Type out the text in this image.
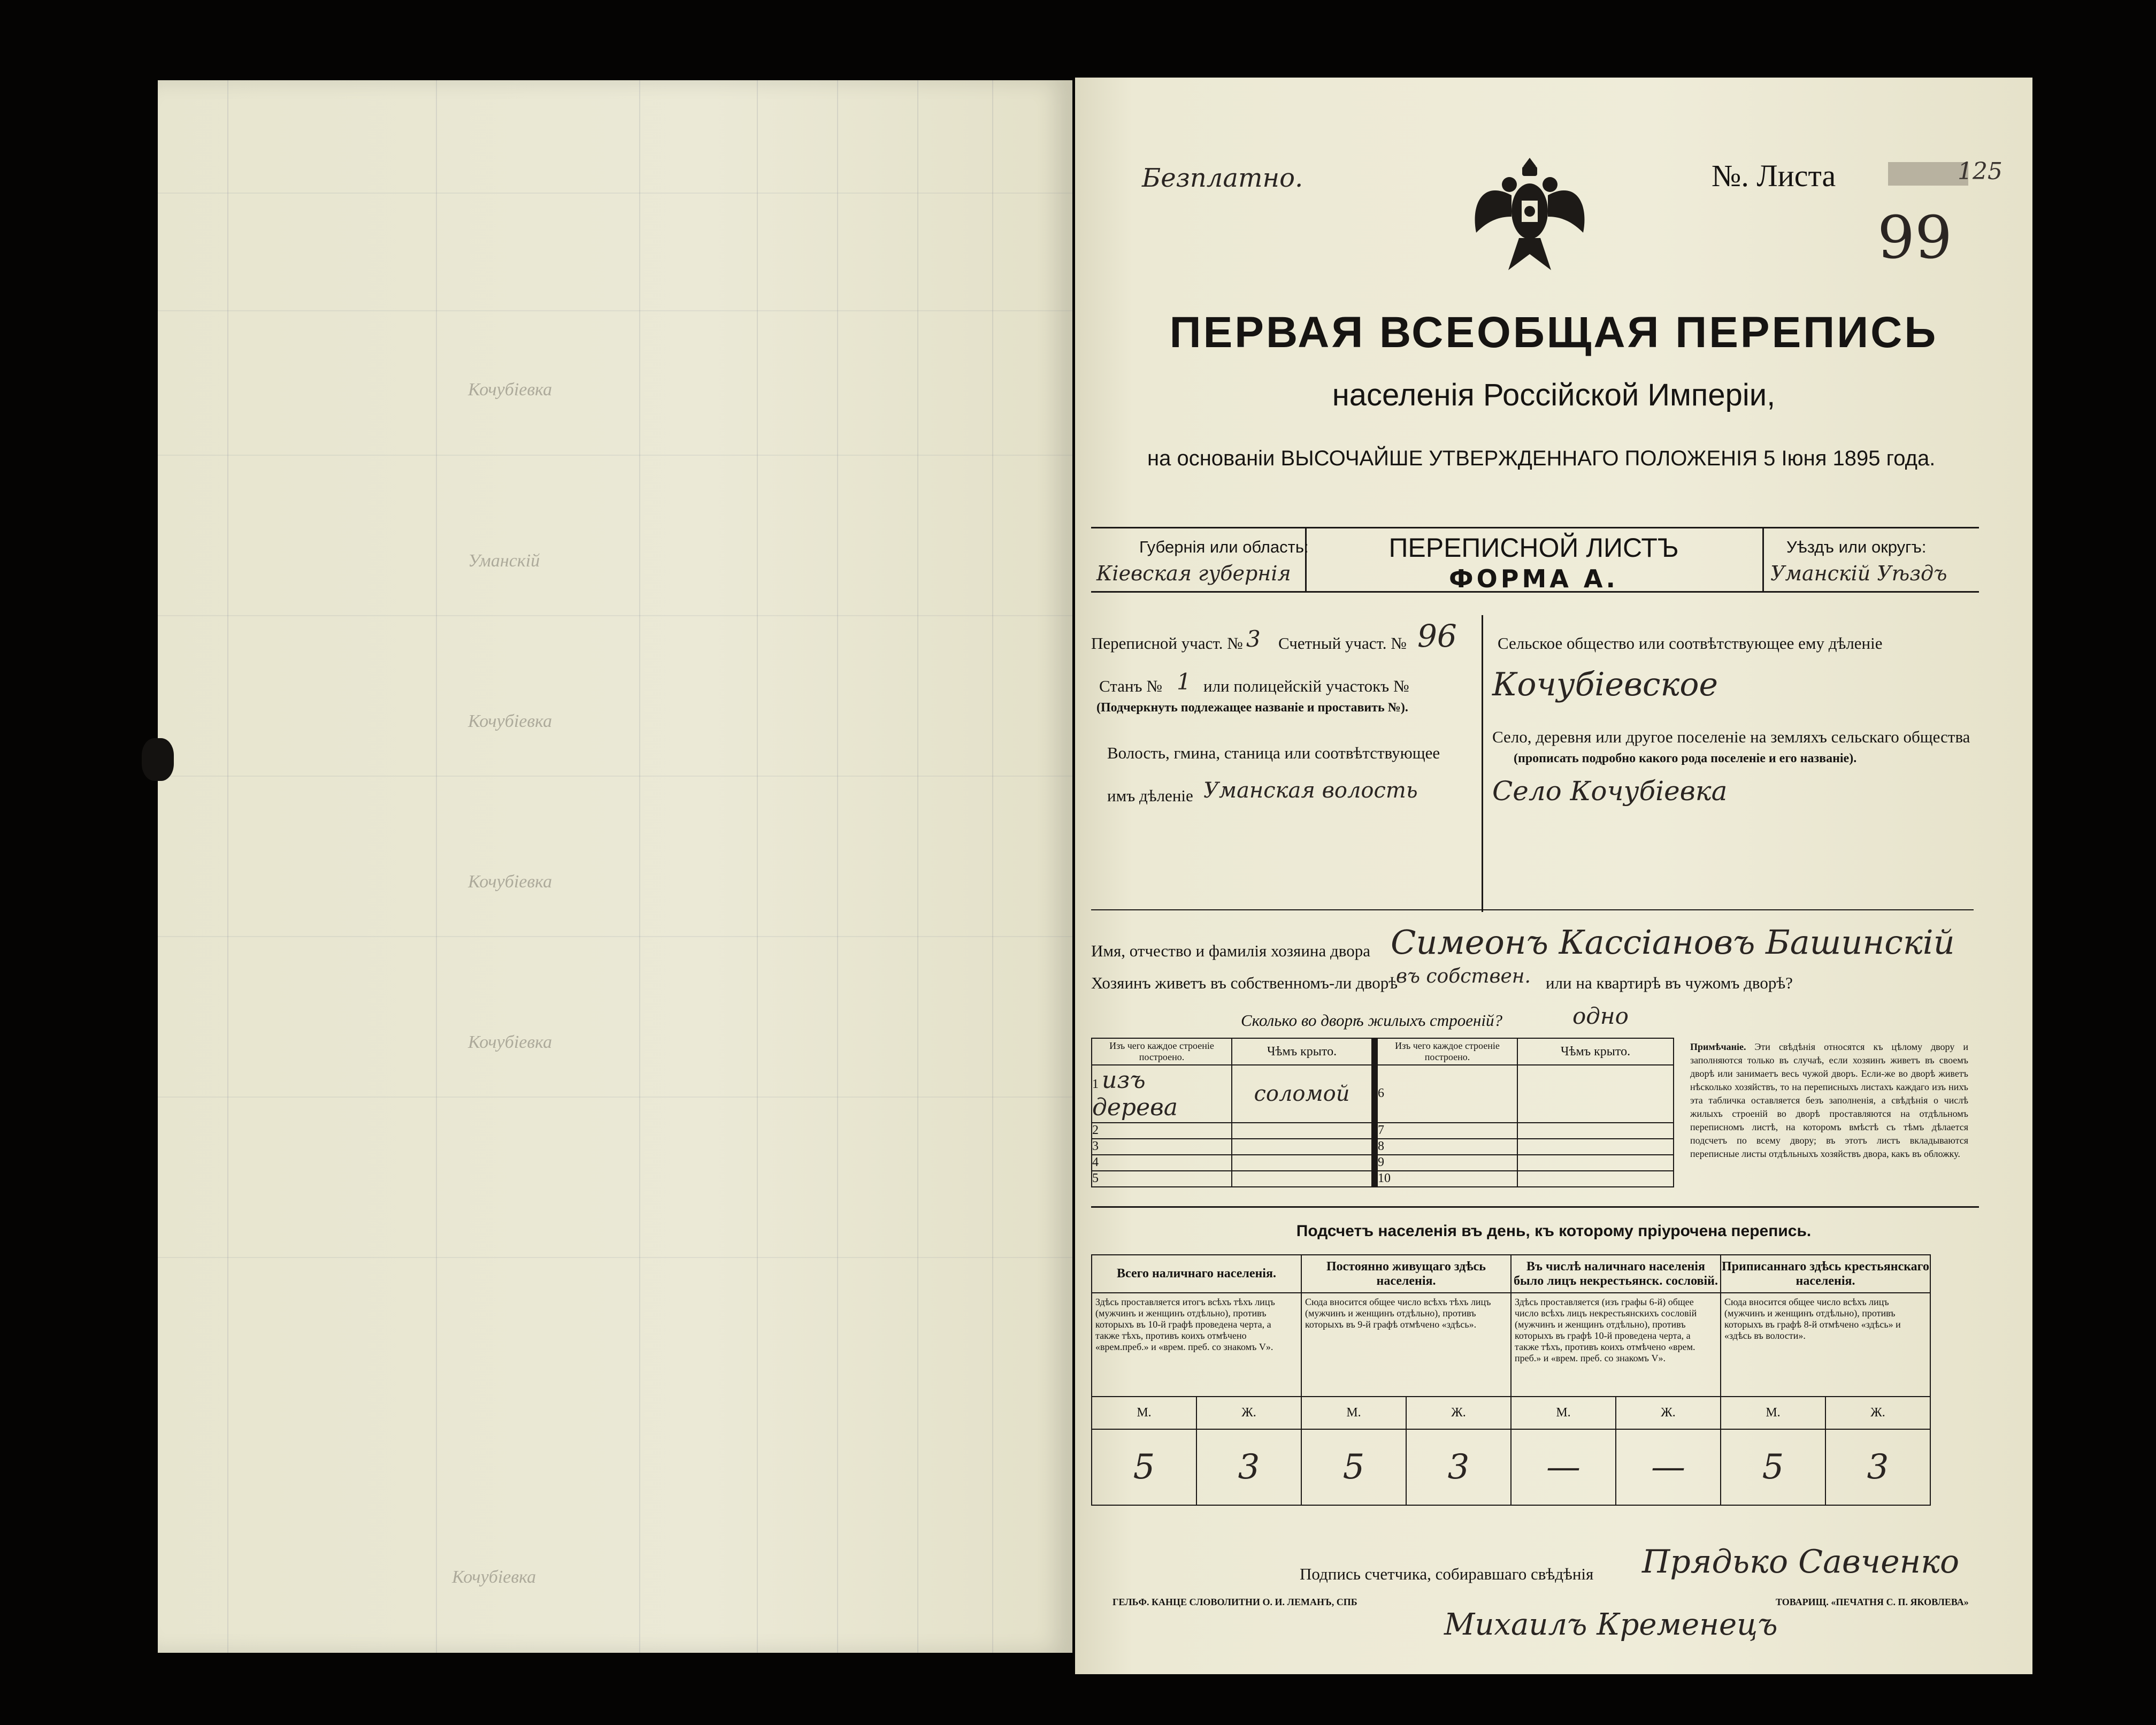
Кочубіевка
Уманскій
Кочубіевка
Кочубіевка
Кочубіевка
Кочубіевка
Безплатно.	№. Листа	125
99
ПЕРВАЯ ВСЕОБЩАЯ ПЕРЕПИСЬ
населенія Россійской Имперіи,
на основаніи ВЫСОЧАЙШЕ УТВЕРЖДЕННАГО ПОЛОЖЕНІЯ 5 Іюня 1895 года.
Губернія или область:
Кіевская губернія
ПЕРЕПИСНОЙ ЛИСТЪ
ФОРМА А.
Уѣздъ или округъ:
Уманскій Уѣздъ
Переписной участ. № 3 Счетный участ. № 96
Станъ № 1 или полицейскій участокъ №
(Подчеркнуть подлежащее названіе и проставить №).
Волость, гмина, станица или соотвѣтствующее
имъ дѣленіе Уманская волость
Сельское общество или соотвѣтствующее ему дѣленіе
Кочубіевское
Село, деревня или другое поселеніе на земляхъ сельскаго общества
(прописать подробно какого рода поселеніе и его названіе).
Село Кочубіевка
Имя, отчество и фамилія хозяина двора Симеонъ Кассіановъ Башинскій
Хозяинъ живетъ въ собственномъ-ли дворѣ
въ собствен. или на квартирѣ въ чужомъ дворѣ?
Сколько во дворѣ жилыхъ строеній?	одно
Изъ чего каждое строеніе построено.	Чѣмъ крыто.		Изъ чего каждое строеніе построено.	Чѣмъ крыто.
1 изъ дерева	соломой		6	
2			7	
3			8	
4			9	
5			10	
Примѣчаніе. Эти свѣдѣнія относятся къ цѣлому двору и заполняются только въ случаѣ, если хозяинъ живетъ въ своемъ дворѣ или занимаетъ весь чужой дворъ. Если-же во дворѣ живетъ нѣсколько хозяйствъ, то на переписныхъ листахъ каждаго изъ нихъ эта табличка оставляется безъ заполненія, а свѣдѣнія о числѣ жилыхъ строеній во дворѣ проставляются на отдѣльномъ переписномъ листѣ, на которомъ вмѣстѣ съ тѣмъ дѣлается подсчетъ по всему двору; въ этотъ листъ вкладываются переписные листы отдѣльныхъ хозяйствъ двора, какъ въ обложку.
Подсчетъ населенія въ день, къ которому пріурочена перепись.
Всего наличнаго населенія.		Постоянно живущаго здѣсь населенія.		Въ числѣ наличнаго населенія было лицъ некрестьянск. сословій.		Приписаннаго здѣсь крестьянскаго населенія.	
Здѣсь проставляется итогъ всѣхъ тѣхъ лицъ (мужчинъ и женщинъ отдѣльно), противъ которыхъ въ 10-й графѣ проведена черта, а также тѣхъ, противъ коихъ отмѣчено «врем.преб.» и «врем. преб. со знакомъ V».		Сюда вносится общее число всѣхъ тѣхъ лицъ (мужчинъ и женщинъ отдѣльно), противъ которыхъ въ 9-й графѣ отмѣчено «здѣсь».		Здѣсь проставляется (изъ графы 6-й) общее число всѣхъ лицъ некрестьянскихъ сословій (мужчинъ и женщинъ отдѣльно), противъ которыхъ въ графѣ 10-й проведена черта, а также тѣхъ, противъ коихъ отмѣчено «врем. преб.» и «врем. преб. со знакомъ V».		Сюда вносится общее число всѣхъ лицъ (мужчинъ и женщинъ отдѣльно), противъ которыхъ въ графѣ 8-й отмѣчено «здѣсь» и «здѣсь въ волости».	
М.	Ж.	М.	Ж.	М.	Ж.	М.	Ж.
5	3	5	3	—	—	5	3
Подпись счетчика, собиравшаго свѣдѣнія Прядько Савченко
Михаилъ Кременецъ
ГЕЛЬФ. КАНЦЕ СЛОВОЛИТНИ О. И. ЛЕМАНЪ, СПБ	ТОВАРИЩ. «ПЕЧАТНЯ С. П. ЯКОВЛЕВА»
